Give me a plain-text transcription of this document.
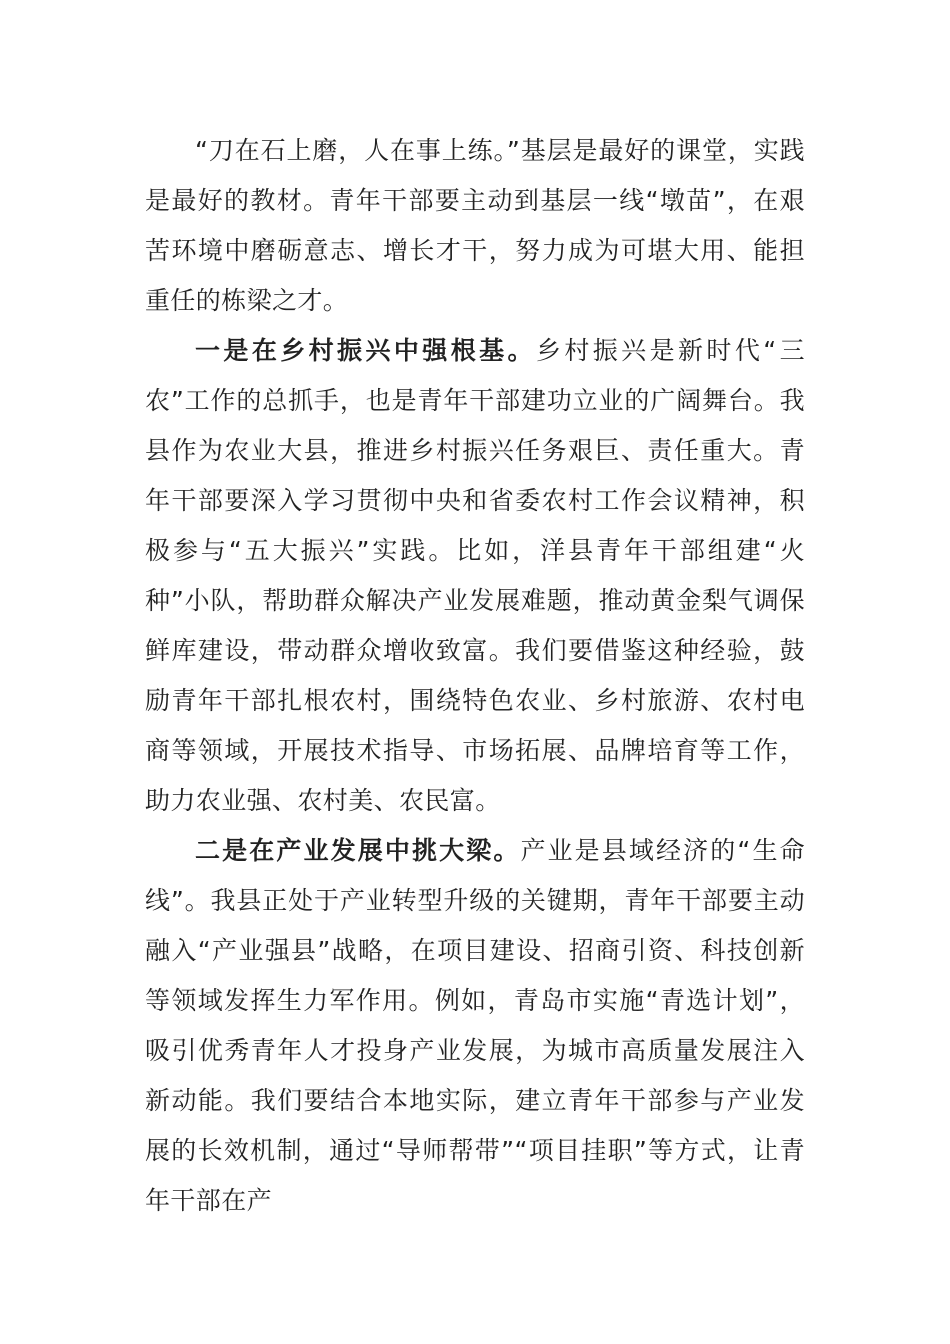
“刀在石上磨，人在事上练。”基层是最好的课堂，实践是最好的教材。青年干部要主动到基层一线“墩苗”，在艰苦环境中磨砺意志、增长才干，努力成为可堪大用、能担重任的栋梁之才。

一是在乡村振兴中强根基。乡村振兴是新时代“三农”工作的总抓手，也是青年干部建功立业的广阔舞台。我县作为农业大县，推进乡村振兴任务艰巨、责任重大。青年干部要深入学习贯彻中央和省委农村工作会议精神，积极参与“五大振兴”实践。比如，洋县青年干部组建“火种”小队，帮助群众解决产业发展难题，推动黄金梨气调保鲜库建设，带动群众增收致富。我们要借鉴这种经验，鼓励青年干部扎根农村，围绕特色农业、乡村旅游、农村电商等领域，开展技术指导、市场拓展、品牌培育等工作，助力农业强、农村美、农民富。

二是在产业发展中挑大梁。产业是县域经济的“生命线”。我县正处于产业转型升级的关键期，青年干部要主动融入“产业强县”战略，在项目建设、招商引资、科技创新等领域发挥生力军作用。例如，青岛市实施“青选计划”，吸引优秀青年人才投身产业发展，为城市高质量发展注入新动能。我们要结合本地实际，建立青年干部参与产业发展的长效机制，通过“导师帮带”“项目挂职”等方式，让青年干部在产
